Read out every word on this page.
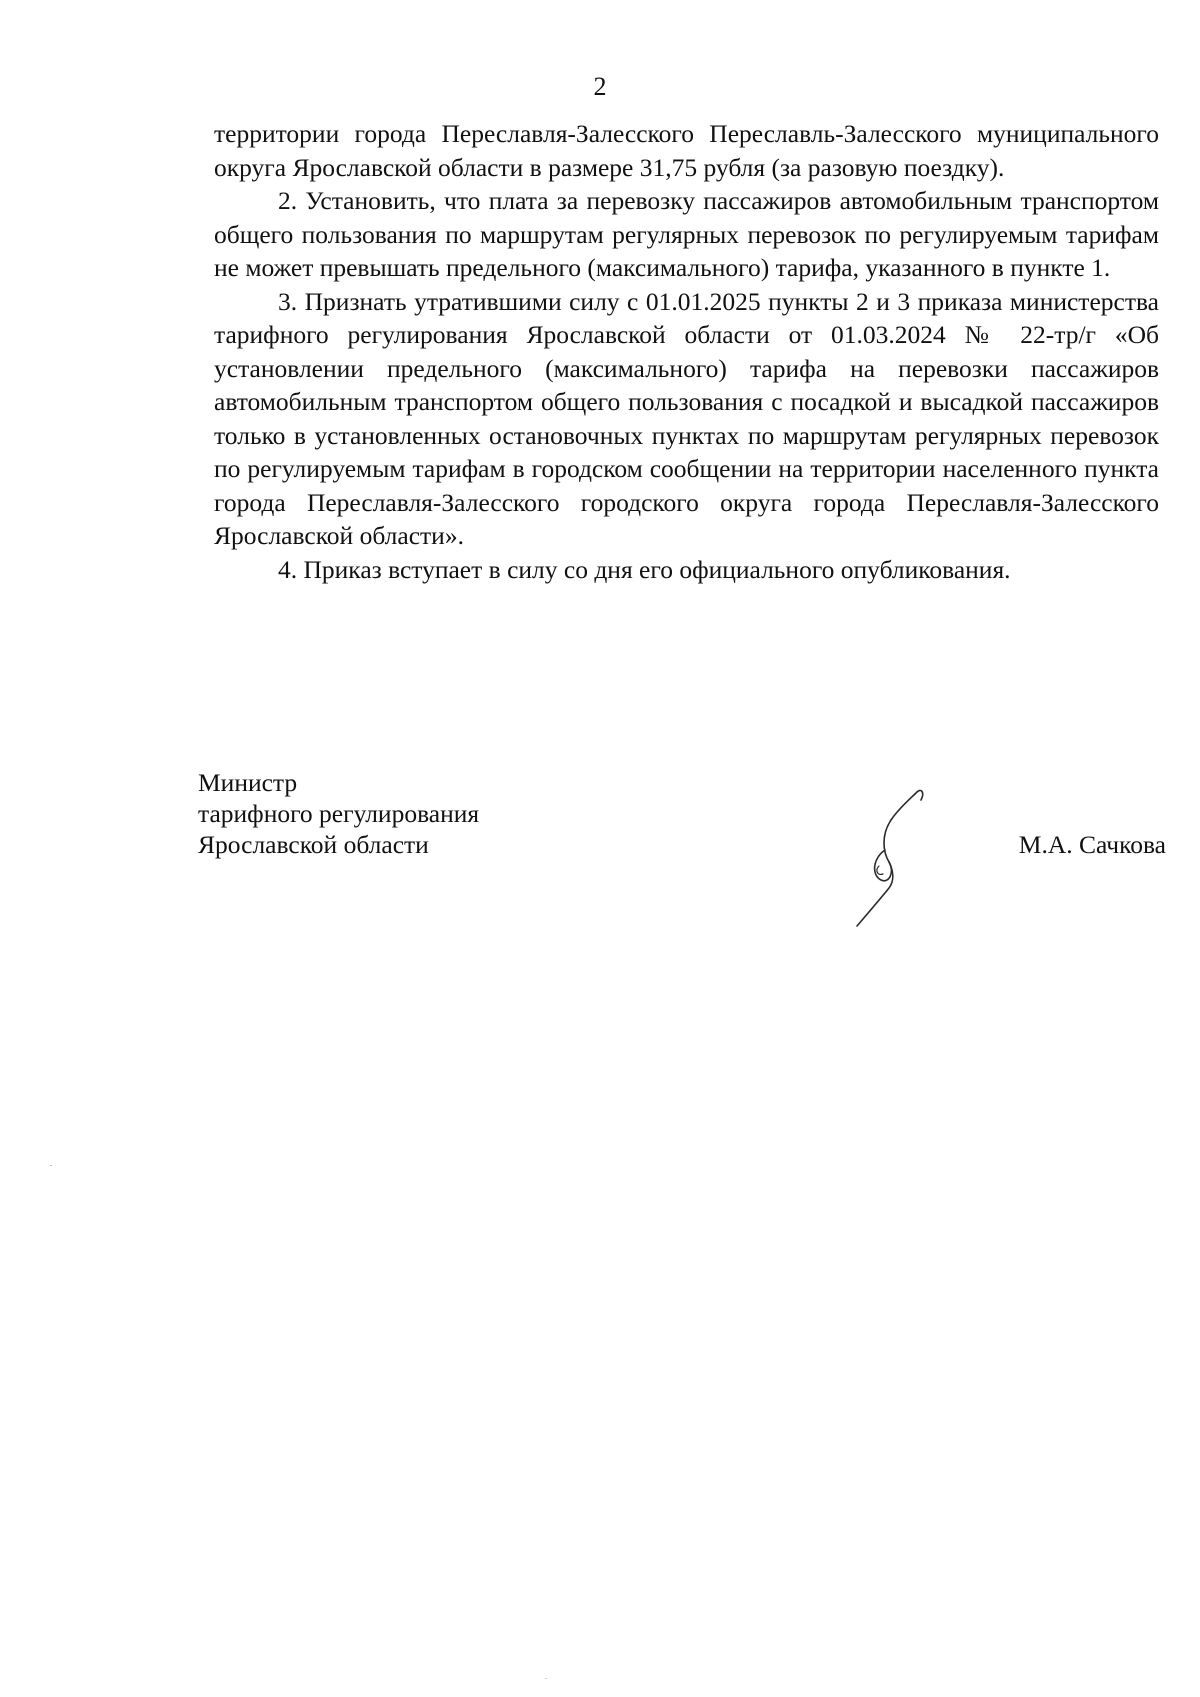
2

территории города Переславля-Залесского Переславль-Залесского муниципального округа Ярославской области в размере 31,75 рубля (за разовую поездку).

2. Установить, что плата за перевозку пассажиров автомобильным транспортом общего пользования по маршрутам регулярных перевозок по регулируемым тарифам не может превышать предельного (максимального) тарифа, указанного в пункте 1.

3. Признать утратившими силу с 01.01.2025 пункты 2 и 3 приказа министерства тарифного регулирования Ярославской области от 01.03.2024 № 22-тр/г «Об установлении предельного (максимального) тарифа на перевозки пассажиров автомобильным транспортом общего пользования с посадкой и высадкой пассажиров только в установленных остановочных пунктах по маршрутам регулярных перевозок по регулируемым тарифам в городском сообщении на территории населенного пункта города Переславля-Залесского городского округа города Переславля-Залесского Ярославской области».

4. Приказ вступает в силу со дня его официального опубликования.

Министр
тарифного регулирования
Ярославской области	М.А. Сачкова
